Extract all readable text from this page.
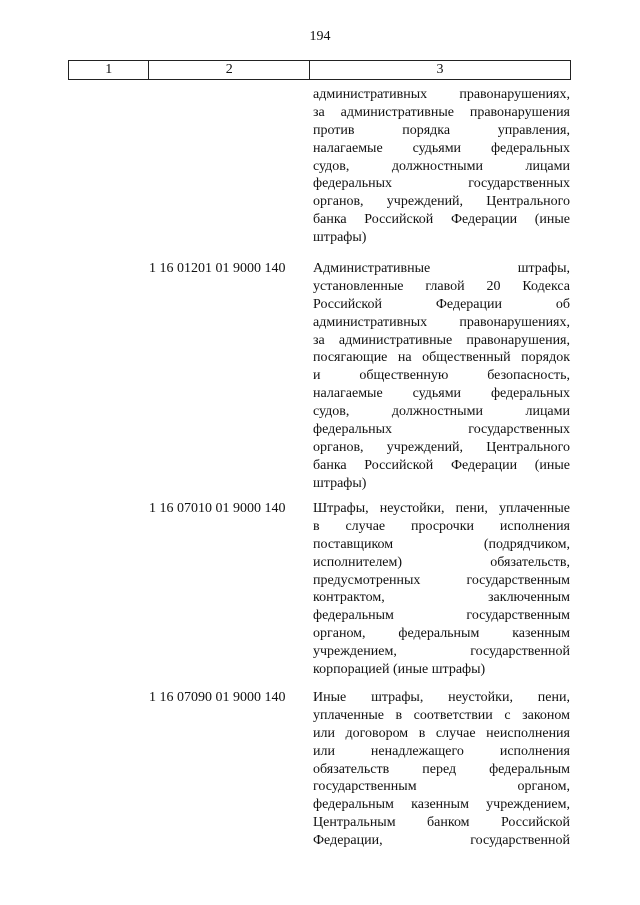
194
1	2	3
административных правонарушениях,
за административные правонарушения
против порядка управления,
налагаемые судьями федеральных
судов, должностными лицами
федеральных государственных
органов, учреждений, Центрального
банка Российской Федерации (иные
штрафы)
1 16 01201 01 9000 140 Административные штрафы,
установленные главой 20 Кодекса
Российской Федерации об
административных правонарушениях,
за административные правонарушения,
посягающие на общественный порядок
и общественную безопасность,
налагаемые судьями федеральных
судов, должностными лицами
федеральных государственных
органов, учреждений, Центрального
банка Российской Федерации (иные
штрафы)
1 16 07010 01 9000 140 Штрафы, неустойки, пени, уплаченные
в случае просрочки исполнения
поставщиком (подрядчиком,
исполнителем) обязательств,
предусмотренных государственным
контрактом, заключенным
федеральным государственным
органом, федеральным казенным
учреждением, государственной
корпорацией (иные штрафы)
1 16 07090 01 9000 140 Иные штрафы, неустойки, пени,
уплаченные в соответствии с законом
или договором в случае неисполнения
или ненадлежащего исполнения
обязательств перед федеральным
государственным органом,
федеральным казенным учреждением,
Центральным банком Российской
Федерации, государственной
